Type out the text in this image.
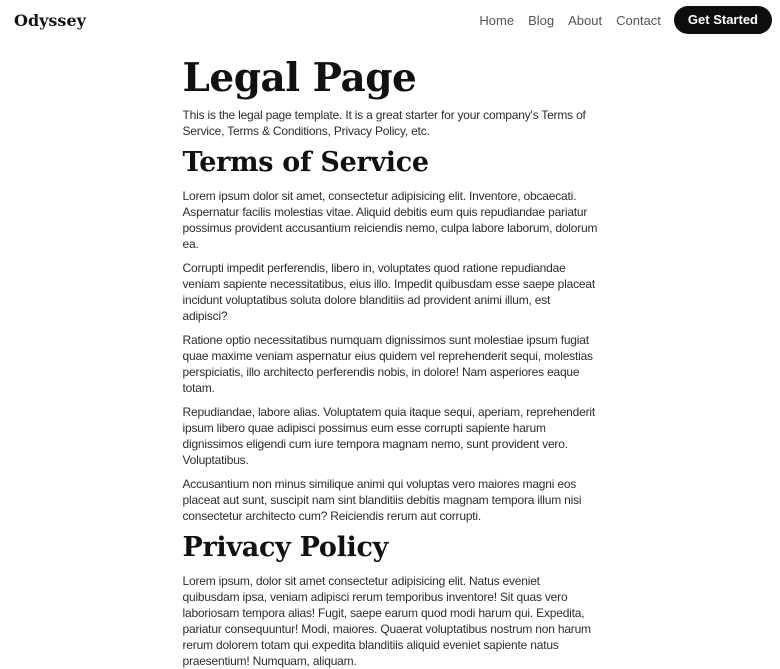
Odyssey	Home Blog About Contact	Get Started
Legal Page

This is the legal page template. It is a great starter for your company's Terms of Service, Terms & Conditions, Privacy Policy, etc.

Terms of Service

Lorem ipsum dolor sit amet, consectetur adipisicing elit. Inventore, obcaecati. Aspernatur facilis molestias vitae. Aliquid debitis eum quis repudiandae pariatur possimus provident accusantium reiciendis nemo, culpa labore laborum, dolorum ea.

Corrupti impedit perferendis, libero in, voluptates quod ratione repudiandae veniam sapiente necessitatibus, eius illo. Impedit quibusdam esse saepe placeat incidunt voluptatibus soluta dolore blanditiis ad provident animi illum, est adipisci?

Ratione optio necessitatibus numquam dignissimos sunt molestiae ipsum fugiat quae maxime veniam aspernatur eius quidem vel reprehenderit sequi, molestias perspiciatis, illo architecto perferendis nobis, in dolore! Nam asperiores eaque totam.

Repudiandae, labore alias. Voluptatem quia itaque sequi, aperiam, reprehenderit ipsum libero quae adipisci possimus eum esse corrupti sapiente harum dignissimos eligendi cum iure tempora magnam nemo, sunt provident vero. Voluptatibus.

Accusantium non minus similique animi qui voluptas vero maiores magni eos placeat aut sunt, suscipit nam sint blanditiis debitis magnam tempora illum nisi consectetur architecto cum? Reiciendis rerum aut corrupti.

Privacy Policy

Lorem ipsum, dolor sit amet consectetur adipisicing elit. Natus eveniet quibusdam ipsa, veniam adipisci rerum temporibus inventore! Sit quas vero laboriosam tempora alias! Fugit, saepe earum quod modi harum qui. Expedita, pariatur consequuntur! Modi, maiores. Quaerat voluptatibus nostrum non harum rerum dolorem totam qui expedita blanditiis aliquid eveniet sapiente natus praesentium! Numquam, aliquam.
